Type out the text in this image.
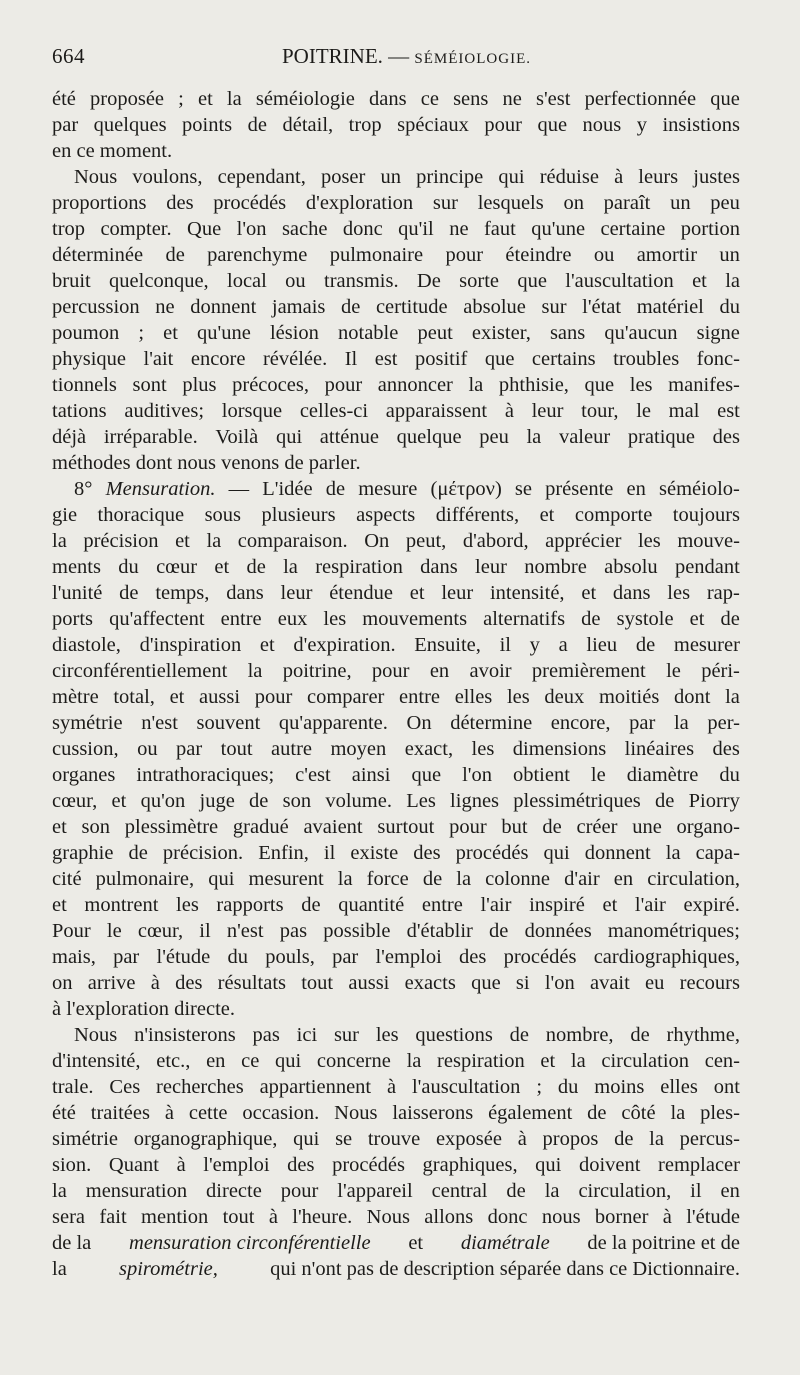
664	POITRINE. — SÉMÉIOLOGIE.
été proposée ; et la séméiologie dans ce sens ne s'est perfectionnée que
par quelques points de détail, trop spéciaux pour que nous y insistions
en ce moment.
Nous voulons, cependant, poser un principe qui réduise à leurs justes
proportions des procédés d'exploration sur lesquels on paraît un peu
trop compter. Que l'on sache donc qu'il ne faut qu'une certaine portion
déterminée de parenchyme pulmonaire pour éteindre ou amortir un
bruit quelconque, local ou transmis. De sorte que l'auscultation et la
percussion ne donnent jamais de certitude absolue sur l'état matériel du
poumon ; et qu'une lésion notable peut exister, sans qu'aucun signe
physique l'ait encore révélée. Il est positif que certains troubles fonc-
tionnels sont plus précoces, pour annoncer la phthisie, que les manifes-
tations auditives; lorsque celles-ci apparaissent à leur tour, le mal est
déjà irréparable. Voilà qui atténue quelque peu la valeur pratique des
méthodes dont nous venons de parler.
8° Mensuration. — L'idée de mesure (μέτρον) se présente en séméiolo-
gie thoracique sous plusieurs aspects différents, et comporte toujours
la précision et la comparaison. On peut, d'abord, apprécier les mouve-
ments du cœur et de la respiration dans leur nombre absolu pendant
l'unité de temps, dans leur étendue et leur intensité, et dans les rap-
ports qu'affectent entre eux les mouvements alternatifs de systole et de
diastole, d'inspiration et d'expiration. Ensuite, il y a lieu de mesurer
circonférentiellement la poitrine, pour en avoir premièrement le péri-
mètre total, et aussi pour comparer entre elles les deux moitiés dont la
symétrie n'est souvent qu'apparente. On détermine encore, par la per-
cussion, ou par tout autre moyen exact, les dimensions linéaires des
organes intrathoraciques; c'est ainsi que l'on obtient le diamètre du
cœur, et qu'on juge de son volume. Les lignes plessimétriques de Piorry
et son plessimètre gradué avaient surtout pour but de créer une organo-
graphie de précision. Enfin, il existe des procédés qui donnent la capa-
cité pulmonaire, qui mesurent la force de la colonne d'air en circulation,
et montrent les rapports de quantité entre l'air inspiré et l'air expiré.
Pour le cœur, il n'est pas possible d'établir de données manométriques;
mais, par l'étude du pouls, par l'emploi des procédés cardiographiques,
on arrive à des résultats tout aussi exacts que si l'on avait eu recours
à l'exploration directe.
Nous n'insisterons pas ici sur les questions de nombre, de rhythme,
d'intensité, etc., en ce qui concerne la respiration et la circulation cen-
trale. Ces recherches appartiennent à l'auscultation ; du moins elles ont
été traitées à cette occasion. Nous laisserons également de côté la ples-
simétrie organographique, qui se trouve exposée à propos de la percus-
sion. Quant à l'emploi des procédés graphiques, qui doivent remplacer
la mensuration directe pour l'appareil central de la circulation, il en
sera fait mention tout à l'heure. Nous allons donc nous borner à l'étude
de la mensuration circonférentielle et diamétrale de la poitrine et de
la	spirométrie,	qui n'ont pas de description séparée dans ce Dictionnaire.
